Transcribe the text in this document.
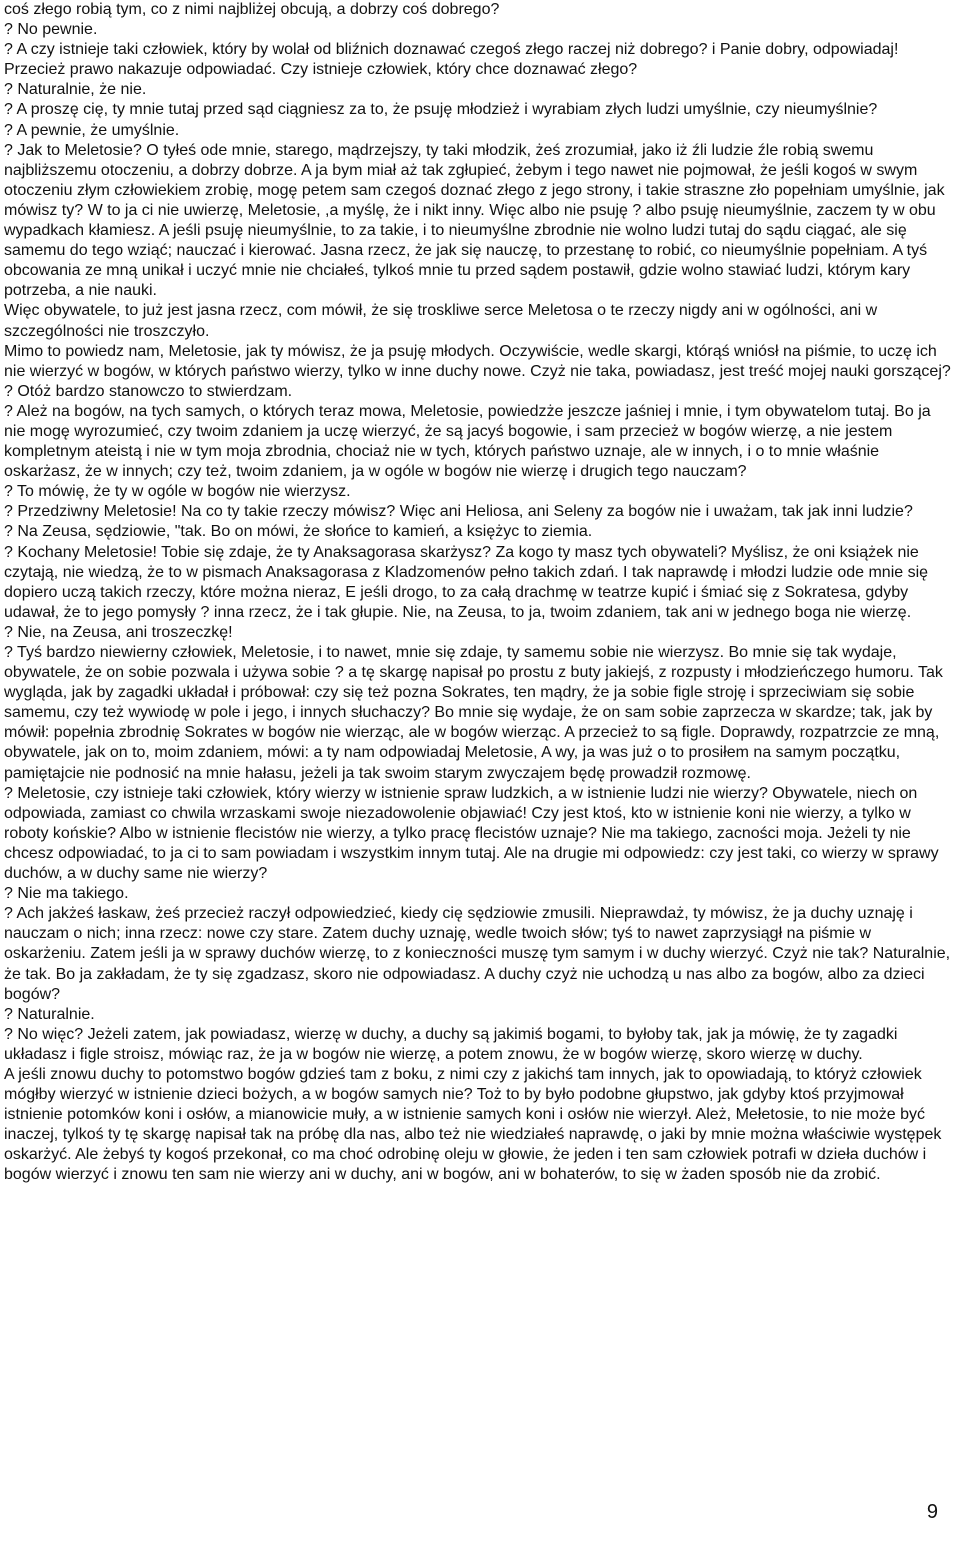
coś złego robią tym, co z nimi najbliżej obcują, a dobrzy coś dobrego?

? No pewnie.

? A czy istnieje taki człowiek, który by wolał od bliźnich doznawać czegoś złego raczej niż dobrego? i Panie dobry, odpowiadaj! Przecież prawo nakazuje odpowiadać. Czy istnieje człowiek, który chce doznawać złego?

? Naturalnie, że nie.

? A proszę cię, ty mnie tutaj przed sąd ciągniesz za to, że psuję młodzież i wyrabiam złych ludzi umyślnie, czy nieumyślnie?

? A pewnie, że umyślnie.

? Jak to Meletosie? O tyłeś ode mnie, starego, mądrzejszy, ty taki młodzik, żeś zrozumiał, jako iż źli ludzie źle robią swemu najbliższemu otoczeniu, a dobrzy dobrze. A ja bym miał aż tak zgłupieć, żebym i tego nawet nie pojmował, że jeśli kogoś w swym otoczeniu złym człowiekiem zrobię, mogę petem sam czegoś doznać złego z jego strony, i takie straszne zło popełniam umyślnie, jak mówisz ty? W to ja ci nie uwierzę, Meletosie, ,a myślę, że i nikt inny. Więc albo nie psuję ? albo psuję nieumyślnie, zaczem ty w obu wypadkach kłamiesz. A jeśli psuję nieumyślnie, to za takie, i to nieumyślne zbrodnie nie wolno ludzi tutaj do sądu ciągać, ale się samemu do tego wziąć; nauczać i kierować. Jasna rzecz, że jak się nauczę, to przestanę to robić, co nieumyślnie popełniam. A tyś obcowania ze mną unikał i uczyć mnie nie chciałeś, tylkoś mnie tu przed sądem postawił, gdzie wolno stawiać ludzi, którym kary potrzeba, a nie nauki.

Więc obywatele, to już jest jasna rzecz, com mówił, że się troskliwe serce Meletosa o te rzeczy nigdy ani w ogólności, ani w szczególności nie troszczyło.

Mimo to powiedz nam, Meletosie, jak ty mówisz, że ja psuję młodych. Oczywiście, wedle skargi, którąś wniósł na piśmie, to uczę ich nie wierzyć w bogów, w których państwo wierzy, tylko w inne duchy nowe. Czyż nie taka, powiadasz, jest treść mojej nauki gorszącej?

? Otóż bardzo stanowczo to stwierdzam.

? Ależ na bogów, na tych samych, o których teraz mowa, Meletosie, powiedzże jeszcze jaśniej i mnie, i tym obywatelom tutaj. Bo ja nie mogę wyrozumieć, czy twoim zdaniem ja uczę wierzyć, że są jacyś bogowie, i sam przecież w bogów wierzę, a nie jestem kompletnym ateistą i nie w tym moja zbrodnia, chociaż nie w tych, których państwo uznaje, ale w innych, i o to mnie właśnie oskarżasz, że w innych; czy też, twoim zdaniem, ja w ogóle w bogów nie wierzę i drugich tego nauczam?

? To mówię, że ty w ogóle w bogów nie wierzysz.

? Przedziwny Meletosie! Na co ty takie rzeczy mówisz? Więc ani Heliosa, ani Seleny za bogów nie i uważam, tak jak inni ludzie?

? Na Zeusa, sędziowie, "tak. Bo on mówi, że słońce to kamień, a księżyc to ziemia.

? Kochany Meletosie! Tobie się zdaje, że ty Anaksagorasa skarżysz? Za kogo ty masz tych obywateli? Myślisz, że oni książek nie czytają, nie wiedzą, że to w pismach Anaksagorasa z Kladzomenów pełno takich zdań. I tak naprawdę i młodzi ludzie ode mnie się dopiero uczą takich rzeczy, które można nieraz, E jeśli drogo, to za całą drachmę w teatrze kupić i śmiać się z Sokratesa, gdyby udawał, że to jego pomysły ? inna rzecz, że i tak głupie. Nie, na Zeusa, to ja, twoim zdaniem, tak ani w jednego boga nie wierzę.

? Nie, na Zeusa, ani troszeczkę!

? Tyś bardzo niewierny człowiek, Meletosie, i to nawet, mnie się zdaje, ty samemu sobie nie wierzysz. Bo mnie się tak wydaje, obywatele, że on sobie pozwala i używa sobie ? a tę skargę napisał po prostu z buty jakiejś, z rozpusty i młodzieńczego humoru. Tak wygląda, jak by zagadki układał i próbował: czy się też pozna Sokrates, ten mądry, że ja sobie figle stroję i sprzeciwiam się sobie samemu, czy też wywiodę w pole i jego, i innych słuchaczy? Bo mnie się wydaje, że on sam sobie zaprzecza w skardze; tak, jak by mówił: popełnia zbrodnię Sokrates w bogów nie wierząc, ale w bogów wierząc. A przecież to są figle. Doprawdy, rozpatrzcie ze mną, obywatele, jak on to, moim zdaniem, mówi: a ty nam odpowiadaj Meletosie, A wy, ja was już o to prosiłem na samym początku, pamiętajcie nie podnosić na mnie hałasu, jeżeli ja tak swoim starym zwyczajem będę prowadził rozmowę.

? Meletosie, czy istnieje taki człowiek, który wierzy w istnienie spraw ludzkich, a w istnienie ludzi nie wierzy? Obywatele, niech on odpowiada, zamiast co chwila wrzaskami swoje niezadowolenie objawiać! Czy jest ktoś, kto w istnienie koni nie wierzy, a tylko w roboty końskie? Albo w istnienie flecistów nie wierzy, a tylko pracę flecistów uznaje? Nie ma takiego, zacności moja. Jeżeli ty nie chcesz odpowiadać, to ja ci to sam powiadam i wszystkim innym tutaj. Ale na drugie mi odpowiedz: czy jest taki, co wierzy w sprawy duchów, a w duchy same nie wierzy?

? Nie ma takiego.

? Ach jakżeś łaskaw, żeś przecież raczył odpowiedzieć, kiedy cię sędziowie zmusili. Nieprawdaż, ty mówisz, że ja duchy uznaję i nauczam o nich; inna rzecz: nowe czy stare. Zatem duchy uznaję, wedle twoich słów; tyś to nawet zaprzysiągł na piśmie w oskarżeniu. Zatem jeśli ja w sprawy duchów wierzę, to z konieczności muszę tym samym i w duchy wierzyć. Czyż nie tak? Naturalnie, że tak. Bo ja zakładam, że ty się zgadzasz, skoro nie odpowiadasz. A duchy czyż nie uchodzą u nas albo za bogów, albo za dzieci bogów?

? Naturalnie.

? No więc? Jeżeli zatem, jak powiadasz, wierzę w duchy, a duchy są jakimiś bogami, to byłoby tak, jak ja mówię, że ty zagadki układasz i figle stroisz, mówiąc raz, że ja w bogów nie wierzę, a potem znowu, że w bogów wierzę, skoro wierzę w duchy.

A jeśli znowu duchy to potomstwo bogów gdzieś tam z boku, z nimi czy z jakichś tam innych, jak to opowiadają, to któryż człowiek mógłby wierzyć w istnienie dzieci bożych, a w bogów samych nie? Toż to by było podobne głupstwo, jak gdyby ktoś przyjmował istnienie potomków koni i osłów, a mianowicie muły, a w istnienie samych koni i osłów nie wierzył. Ależ, Mełetosie, to nie może być inaczej, tylkoś ty tę skargę napisał tak na próbę dla nas, albo też nie wiedziałeś naprawdę, o jaki by mnie można właściwie występek oskarżyć. Ale żebyś ty kogoś przekonał, co ma choć odrobinę oleju w głowie, że jeden i ten sam człowiek potrafi w dzieła duchów i bogów wierzyć i znowu ten sam nie wierzy ani w duchy, ani w bogów, ani w bohaterów, to się w żaden sposób nie da zrobić.

9
